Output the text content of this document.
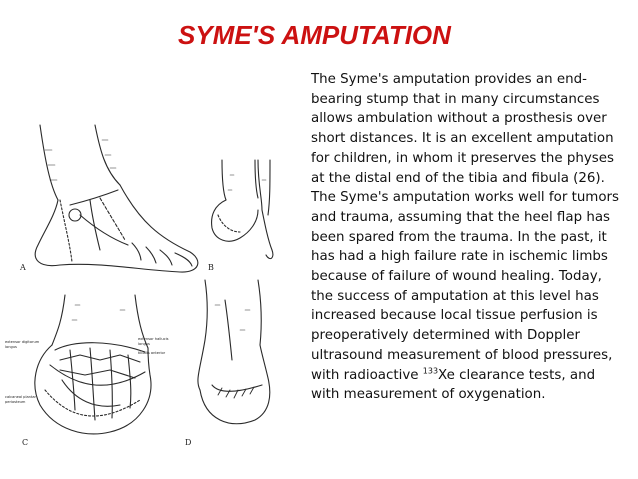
SYME'S AMPUTATION

The Syme's amputation provides an end-bearing stump that in many circumstances allows ambulation without a prosthesis over short distances. It is an excellent amputation for children, in whom it preserves the physes at the distal end of the tibia and fibula (26).

The Syme's amputation works well for tumors and trauma, assuming that the heel flap has been spared from the trauma. In the past, it has had a high failure rate in ischemic limbs because of failure of wound healing. Today, the success of amputation at this level has increased because local tissue perfusion is preoperatively determined with Doppler ultrasound measurement of blood pressures, with radioactive $^{133}$Xe clearance tests, and with measurement of oxygenation.

A	B
C	D
extensor digitorum
longus
extensor hallucis
longus
tibialis anterior
calcaneal plantar
periosteum
